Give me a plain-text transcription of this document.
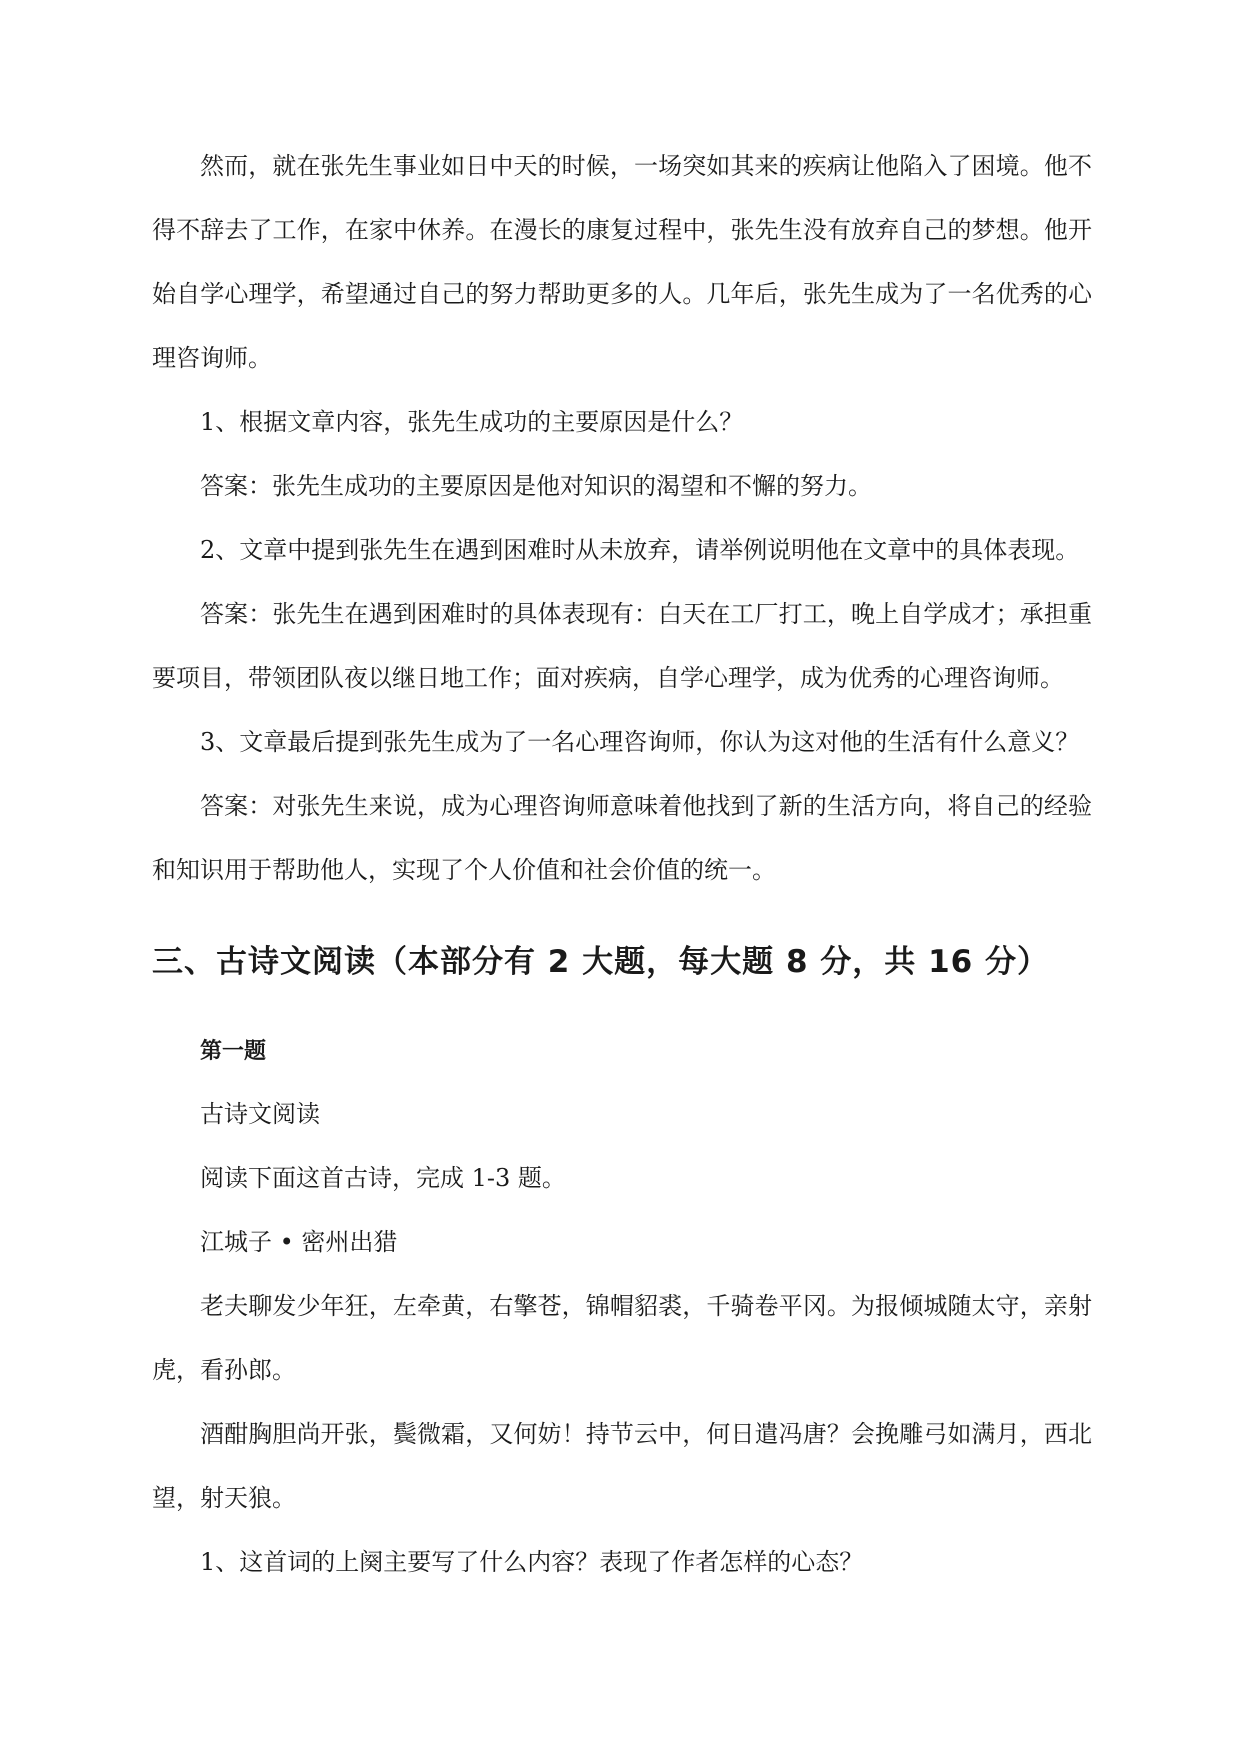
然而，就在张先生事业如日中天的时候，一场突如其来的疾病让他陷入了困境。他不得不辞去了工作，在家中休养。在漫长的康复过程中，张先生没有放弃自己的梦想。他开始自学心理学，希望通过自己的努力帮助更多的人。几年后，张先生成为了一名优秀的心理咨询师。

1、根据文章内容，张先生成功的主要原因是什么？

答案：张先生成功的主要原因是他对知识的渴望和不懈的努力。

2、文章中提到张先生在遇到困难时从未放弃，请举例说明他在文章中的具体表现。

答案：张先生在遇到困难时的具体表现有：白天在工厂打工，晚上自学成才；承担重要项目，带领团队夜以继日地工作；面对疾病，自学心理学，成为优秀的心理咨询师。

3、文章最后提到张先生成为了一名心理咨询师，你认为这对他的生活有什么意义？

答案：对张先生来说，成为心理咨询师意味着他找到了新的生活方向，将自己的经验和知识用于帮助他人，实现了个人价值和社会价值的统一。

三、古诗文阅读（本部分有 2 大题，每大题 8 分，共 16 分）
第一题

古诗文阅读

阅读下面这首古诗，完成 1-3 题。

江城子 • 密州出猎

老夫聊发少年狂，左牵黄，右擎苍，锦帽貂裘，千骑卷平冈。为报倾城随太守，亲射虎，看孙郎。

酒酣胸胆尚开张，鬓微霜，又何妨！持节云中，何日遣冯唐？会挽雕弓如满月，西北望，射天狼。

1、这首词的上阕主要写了什么内容？表现了作者怎样的心态？
